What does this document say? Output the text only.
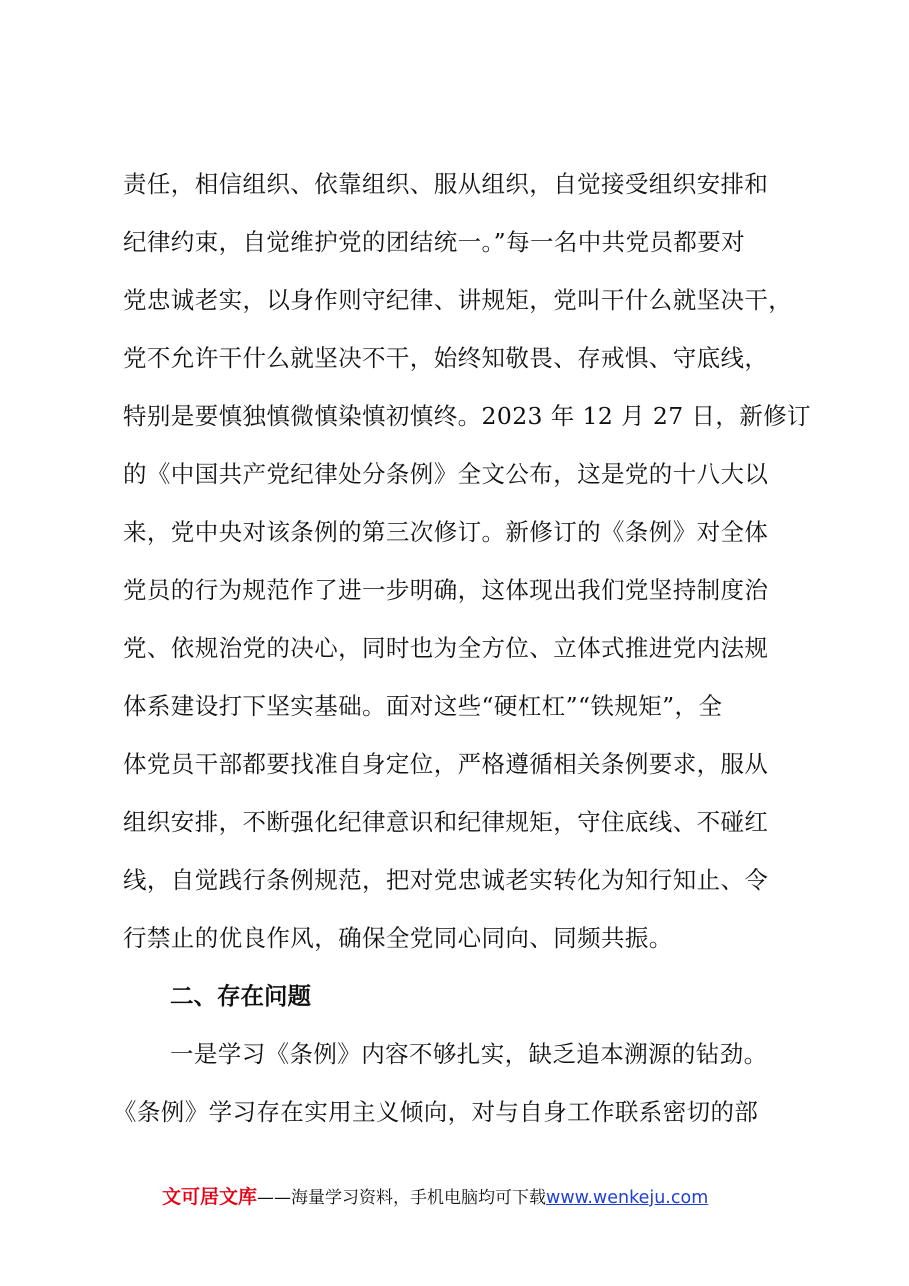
责任，相信组织、依靠组织、服从组织，自觉接受组织安排和
纪律约束，自觉维护党的团结统一。”每一名中共党员都要对
党忠诚老实，以身作则守纪律、讲规矩，党叫干什么就坚决干，
党不允许干什么就坚决不干，始终知敬畏、存戒惧、守底线，
特别是要慎独慎微慎染慎初慎终。2023 年 12 月 27 日，新修订
的《中国共产党纪律处分条例》全文公布，这是党的十八大以
来，党中央对该条例的第三次修订。新修订的《条例》对全体
党员的行为规范作了进一步明确，这体现出我们党坚持制度治
党、依规治党的决心，同时也为全方位、立体式推进党内法规
体系建设打下坚实基础。面对这些“硬杠杠”“铁规矩”，全
体党员干部都要找准自身定位，严格遵循相关条例要求，服从
组织安排，不断强化纪律意识和纪律规矩，守住底线、不碰红
线，自觉践行条例规范，把对党忠诚老实转化为知行知止、令
行禁止的优良作风，确保全党同心同向、同频共振。
二、存在问题
一是学习《条例》内容不够扎实，缺乏追本溯源的钻劲。
《条例》学习存在实用主义倾向，对与自身工作联系密切的部
文可居文库——海量学习资料，手机电脑均可下载www.wenkeju.com
